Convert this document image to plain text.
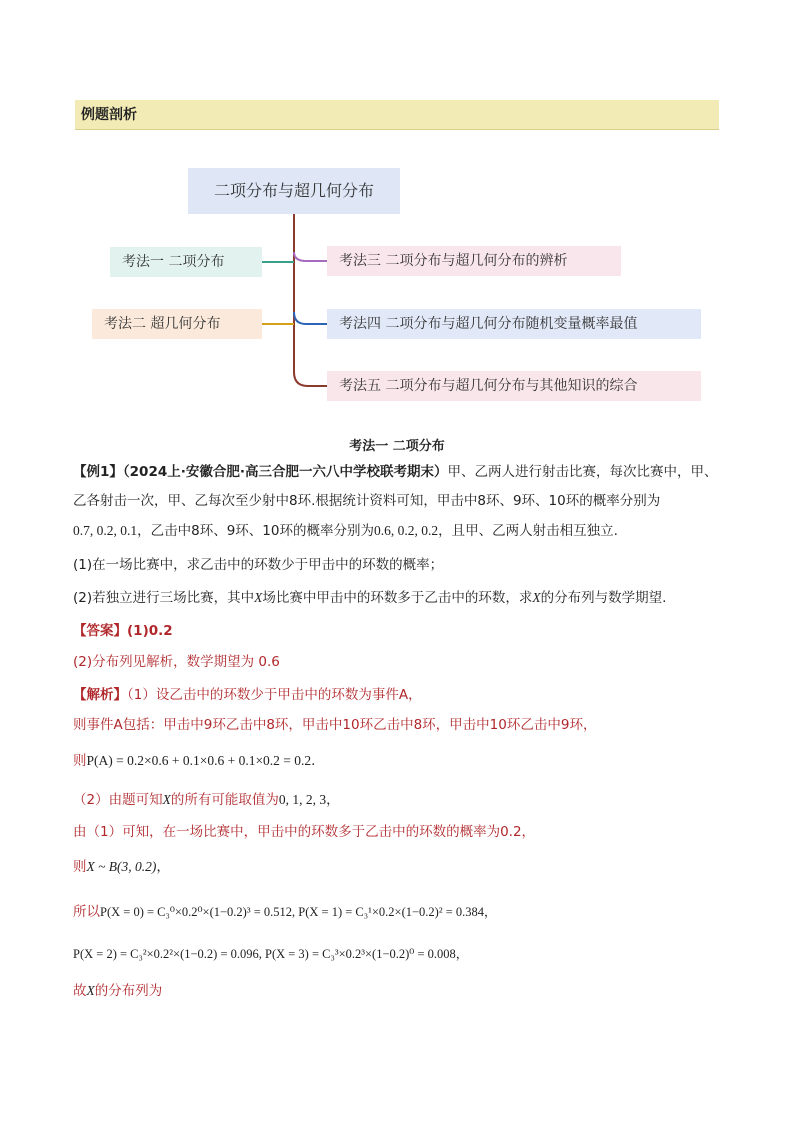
例题剖析
二项分布与超几何分布
考法一 二项分布
考法二 超几何分布
考法三 二项分布与超几何分布的辨析
考法四 二项分布与超几何分布随机变量概率最值
考法五 二项分布与超几何分布与其他知识的综合
考法一 二项分布
【例1】（2024上·安徽合肥·高三合肥一六八中学校联考期末）甲、乙两人进行射击比赛，每次比赛中，甲、
乙各射击一次，甲、乙每次至少射中8环.根据统计资料可知，甲击中8环、9环、10环的概率分别为
0.7, 0.2, 0.1，乙击中8环、9环、10环的概率分别为0.6, 0.2, 0.2，且甲、乙两人射击相互独立.
(1)在一场比赛中，求乙击中的环数少于甲击中的环数的概率；
(2)若独立进行三场比赛，其中X场比赛中甲击中的环数多于乙击中的环数，求X的分布列与数学期望.
【答案】(1)0.2
(2)分布列见解析，数学期望为 0.6
【解析】（1）设乙击中的环数少于甲击中的环数为事件A，
则事件A包括：甲击中9环乙击中8环，甲击中10环乙击中8环，甲击中10环乙击中9环，
则P(A) = 0.2×0.6 + 0.1×0.6 + 0.1×0.2 = 0.2.
（2）由题可知X的所有可能取值为0, 1, 2, 3，
由（1）可知，在一场比赛中，甲击中的环数多于乙击中的环数的概率为0.2，
则X ~ B(3, 0.2)，
所以P(X = 0) = C₃⁰×0.2⁰×(1−0.2)³ = 0.512, P(X = 1) = C₃¹×0.2×(1−0.2)² = 0.384，
P(X = 2) = C₃²×0.2²×(1−0.2) = 0.096, P(X = 3) = C₃³×0.2³×(1−0.2)⁰ = 0.008，
故X的分布列为
